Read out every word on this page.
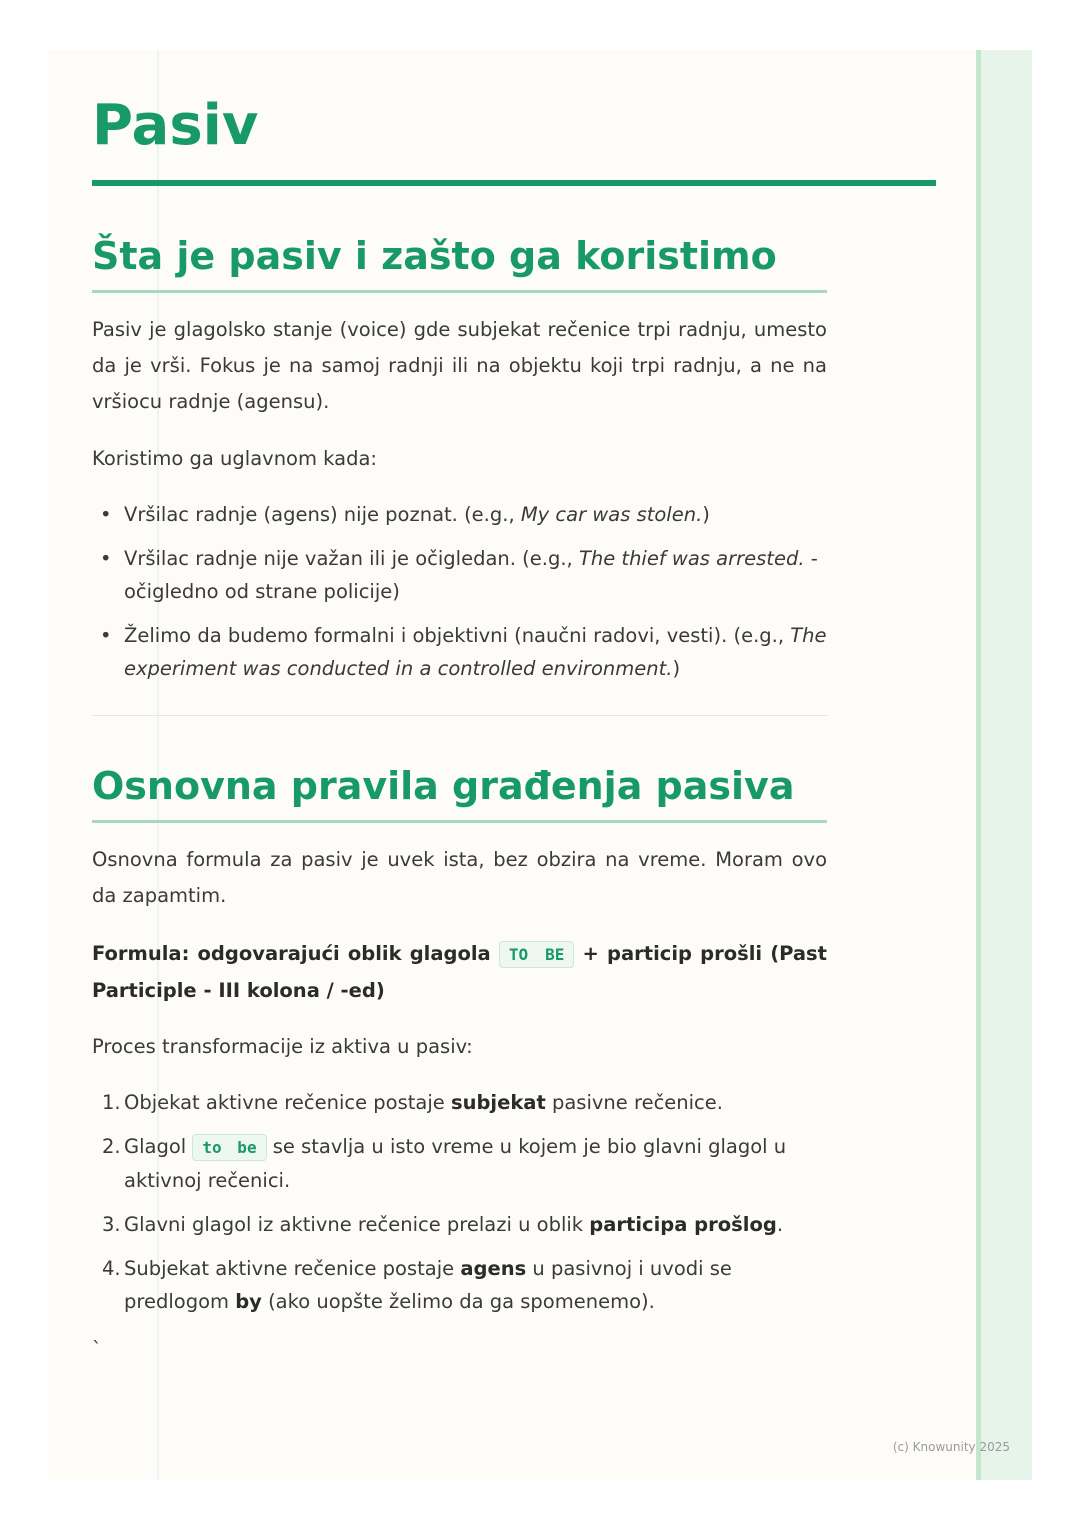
Pasiv
Šta je pasiv i zašto ga koristimo

Pasiv je glagolsko stanje (voice) gde subjekat rečenice trpi radnju, umesto da je vrši. Fokus je na samoj radnji ili na objektu koji trpi radnju, a ne na vršiocu radnje (agensu).

Koristimo ga uglavnom kada:

• Vršilac radnje (agens) nije poznat. (e.g., My car was stolen.)
• Vršilac radnje nije važan ili je očigledan. (e.g., The thief was arrested. - očigledno od strane policije)
• Želimo da budemo formalni i objektivni (naučni radovi, vesti). (e.g., The experiment was conducted in a controlled environment.)
Osnovna pravila građenja pasiva

Osnovna formula za pasiv je uvek ista, bez obzira na vreme. Moram ovo da zapamtim.

Formula: odgovarajući oblik glagola TO BE + particip prošli (Past Participle - III kolona / -ed)

Proces transformacije iz aktiva u pasiv:

1. Objekat aktivne rečenice postaje subjekat pasivne rečenice.
2. Glagol to be se stavlja u isto vreme u kojem je bio glavni glagol u aktivnoj rečenici.
3. Glavni glagol iz aktivne rečenice prelazi u oblik participa prošlog.
4. Subjekat aktivne rečenice postaje agens u pasivnoj i uvodi se predlogom by (ako uopšte želimo da ga spomenemo).
`
(c) Knowunity 2025
